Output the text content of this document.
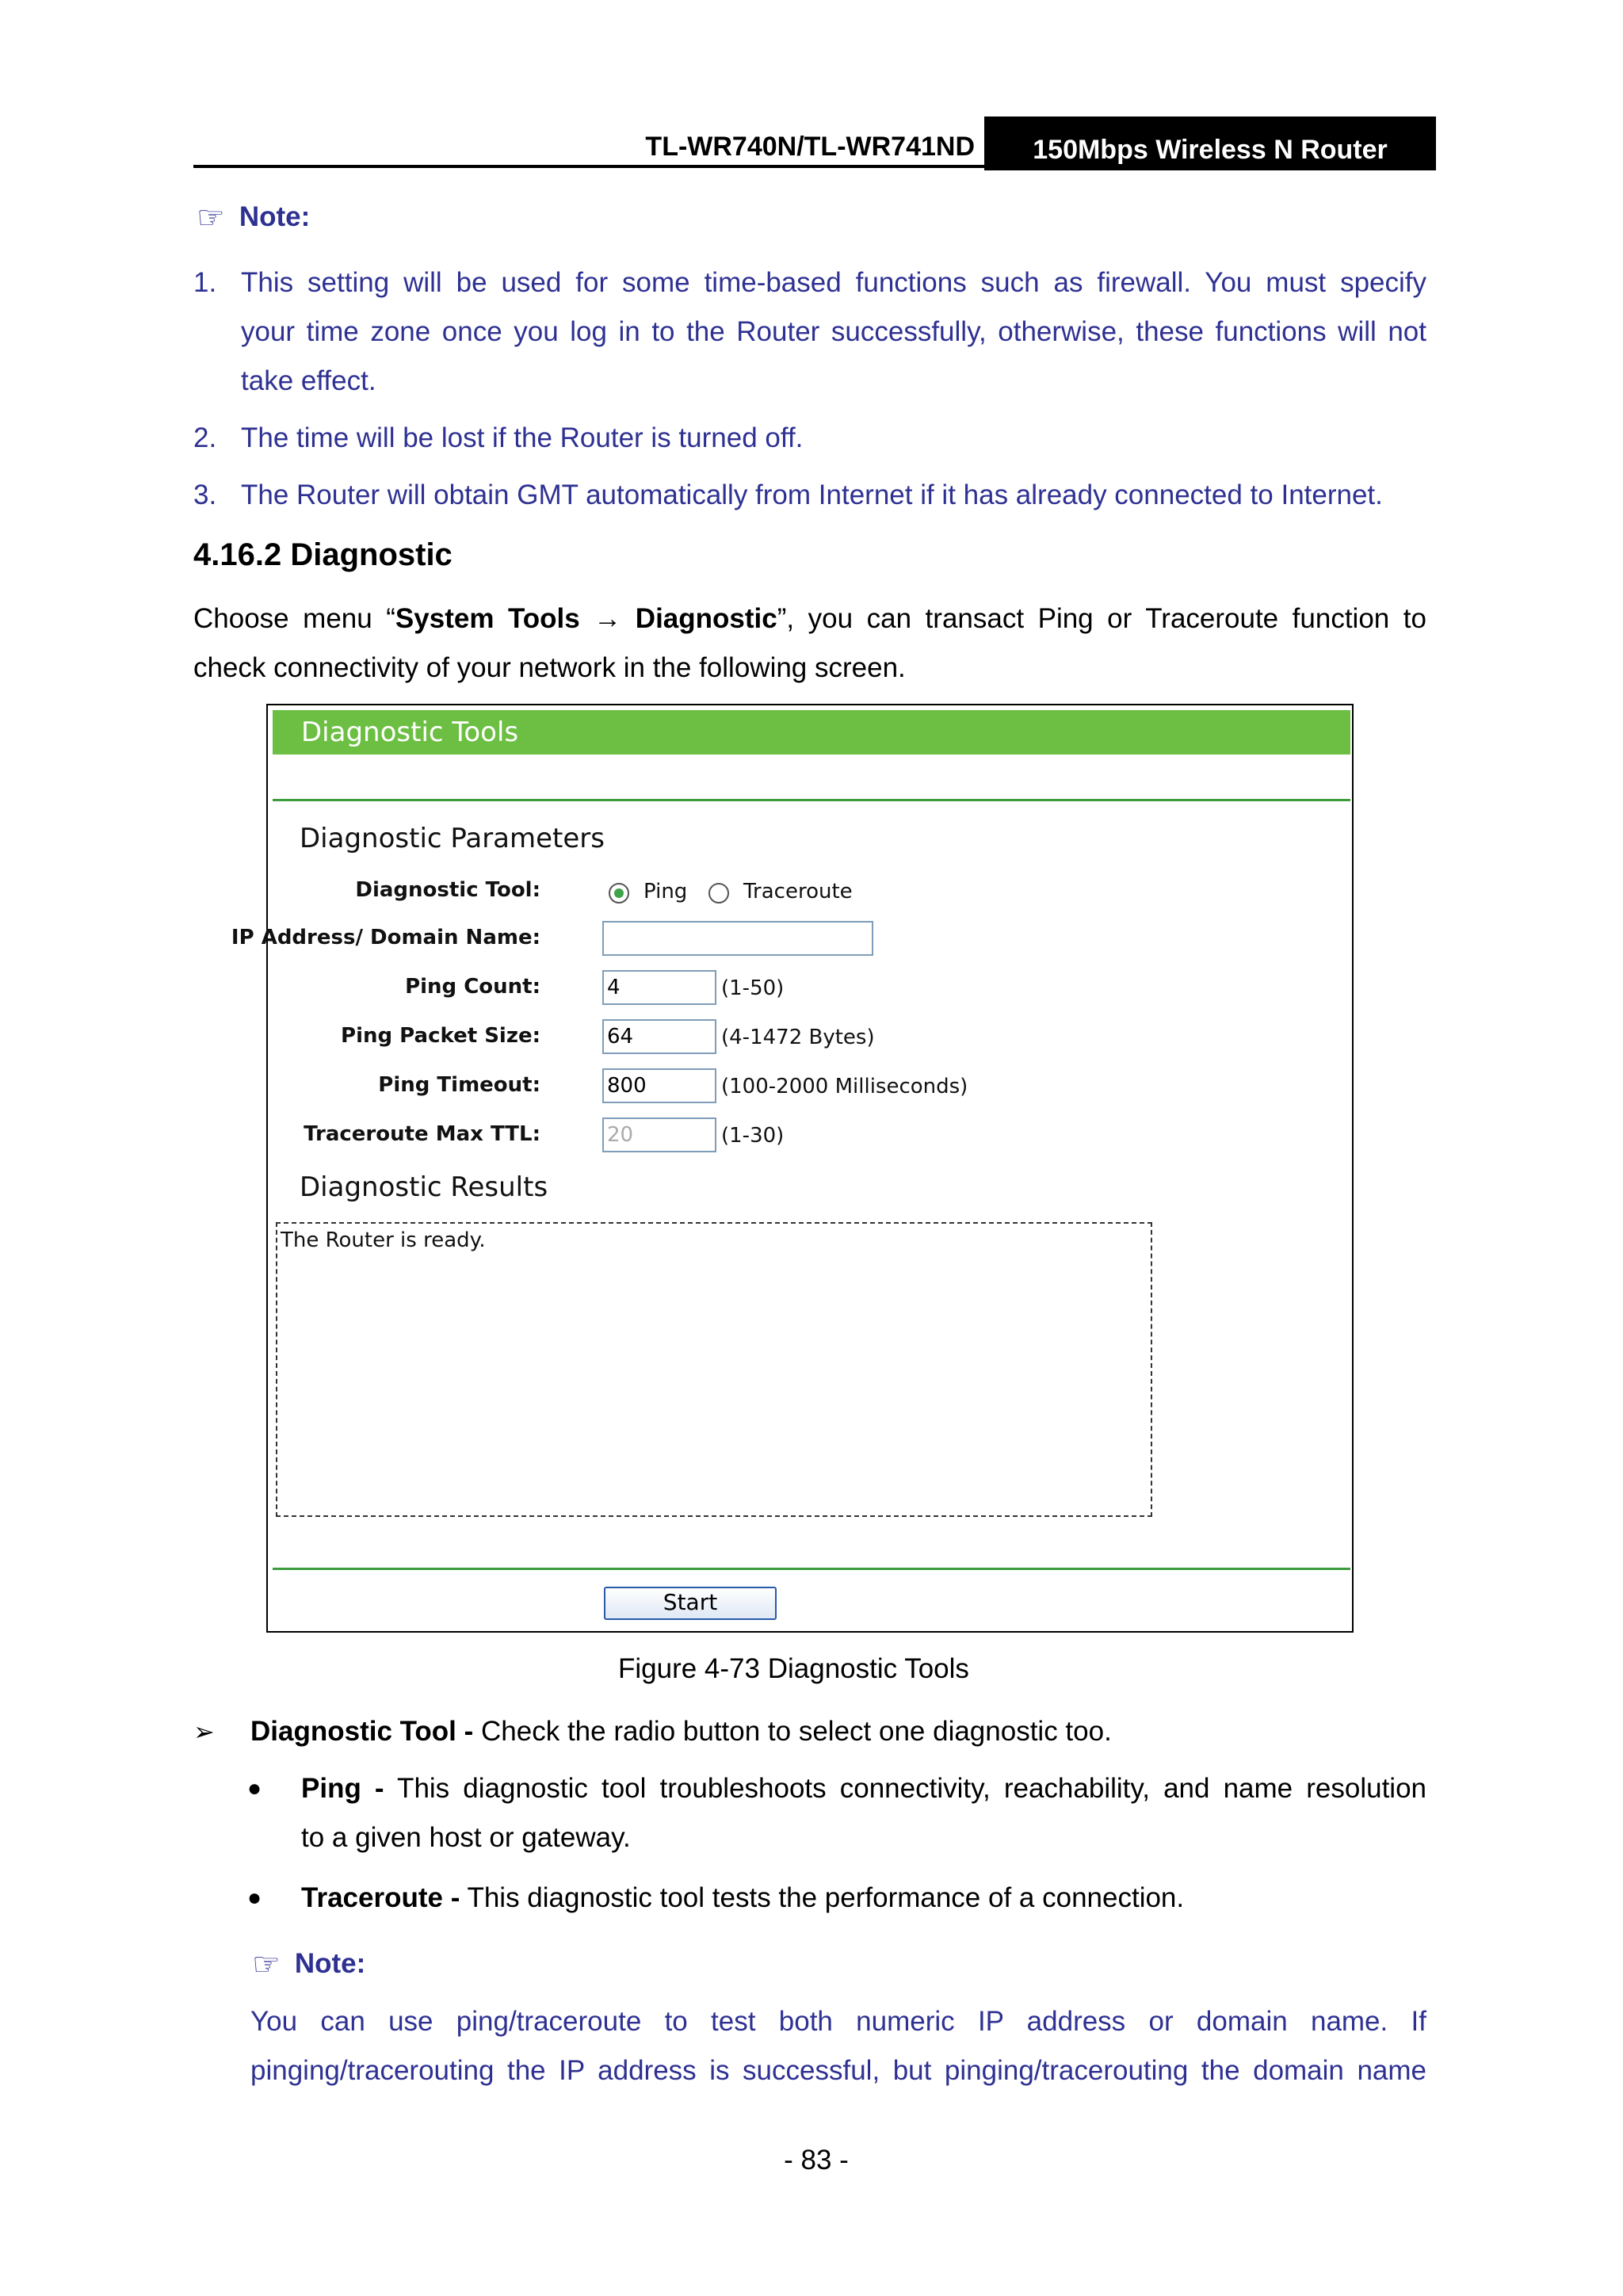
TL-WR740N/TL-WR741ND	150Mbps Wireless N Router
☞ Note:
1. This setting will be used for some time-based functions such as firewall. You must specify
your time zone once you log in to the Router successfully, otherwise, these functions will not
take effect.
2. The time will be lost if the Router is turned off.
3. The Router will obtain GMT automatically from Internet if it has already connected to Internet.
4.16.2 Diagnostic
Choose menu “System Tools → Diagnostic”, you can transact Ping or Traceroute function to
check connectivity of your network in the following screen.
Diagnostic Tools
Diagnostic Parameters
Diagnostic Tool:	Ping	Traceroute
IP Address/ Domain Name:
Ping Count:	4	(1-50)
Ping Packet Size:	64	(4-1472 Bytes)
Ping Timeout:	800	(100-2000 Milliseconds)
Traceroute Max TTL:	20	(1-30)
Diagnostic Results
The Router is ready.
Start
Figure 4-73 Diagnostic Tools
➢ Diagnostic Tool - Check the radio button to select one diagnostic too.
●	Ping - This diagnostic tool troubleshoots connectivity, reachability, and name resolution
to a given host or gateway.
●	Traceroute - This diagnostic tool tests the performance of a connection.
☞ Note:
You can use ping/traceroute to test both numeric IP address or domain name. If
pinging/tracerouting the IP address is successful, but pinging/tracerouting the domain name
- 83 -
